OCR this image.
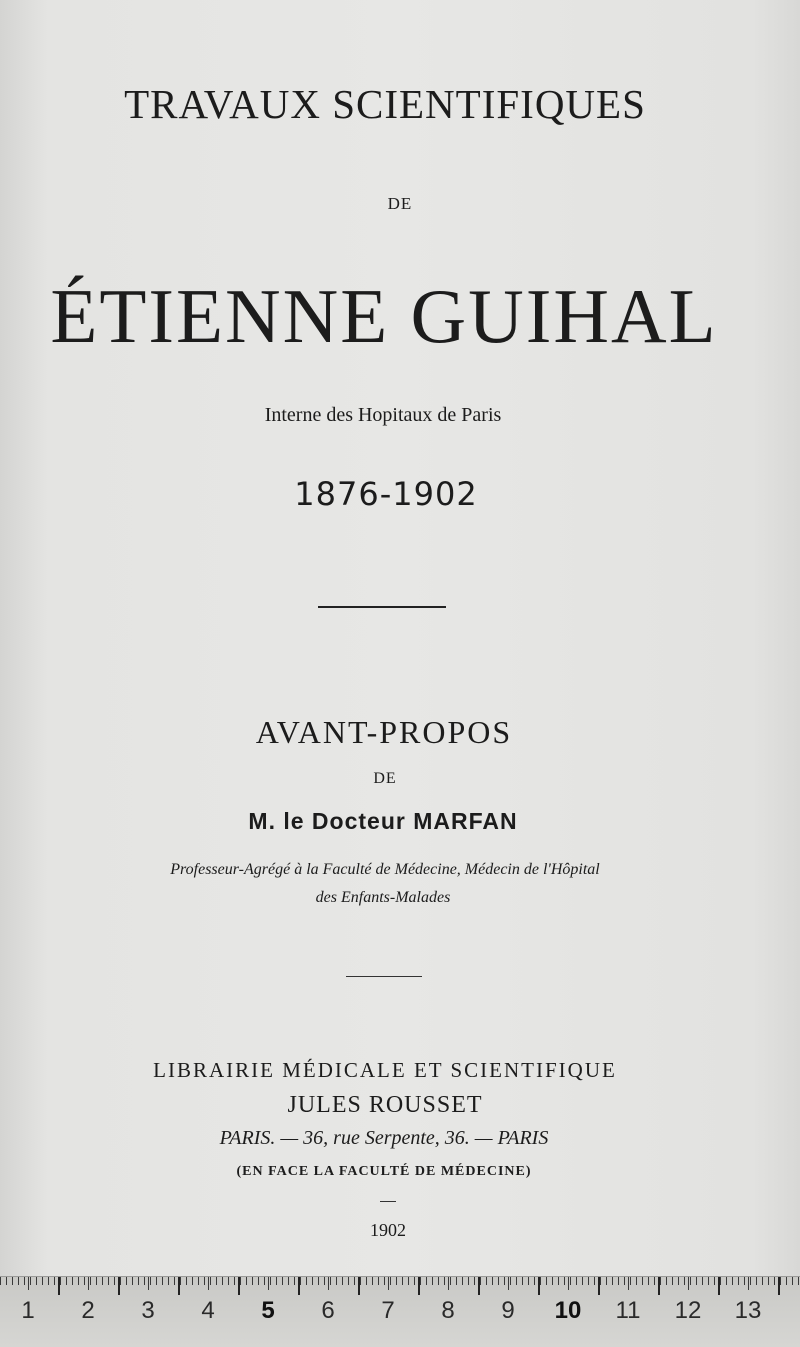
TRAVAUX SCIENTIFIQUES
DE
ÉTIENNE GUIHAL
Interne des Hopitaux de Paris
1876-1902
AVANT-PROPOS
DE
M. le Docteur MARFAN
Professeur-Agrégé à la Faculté de Médecine, Médecin de l'Hôpital
des Enfants-Malades
LIBRAIRIE MÉDICALE ET SCIENTIFIQUE
JULES ROUSSET
PARIS. — 36, rue Serpente, 36. — PARIS
(EN FACE LA FACULTÉ DE MÉDECINE)
1902
1	2	3	4	5	6	7	8	9	10	11	12 13
